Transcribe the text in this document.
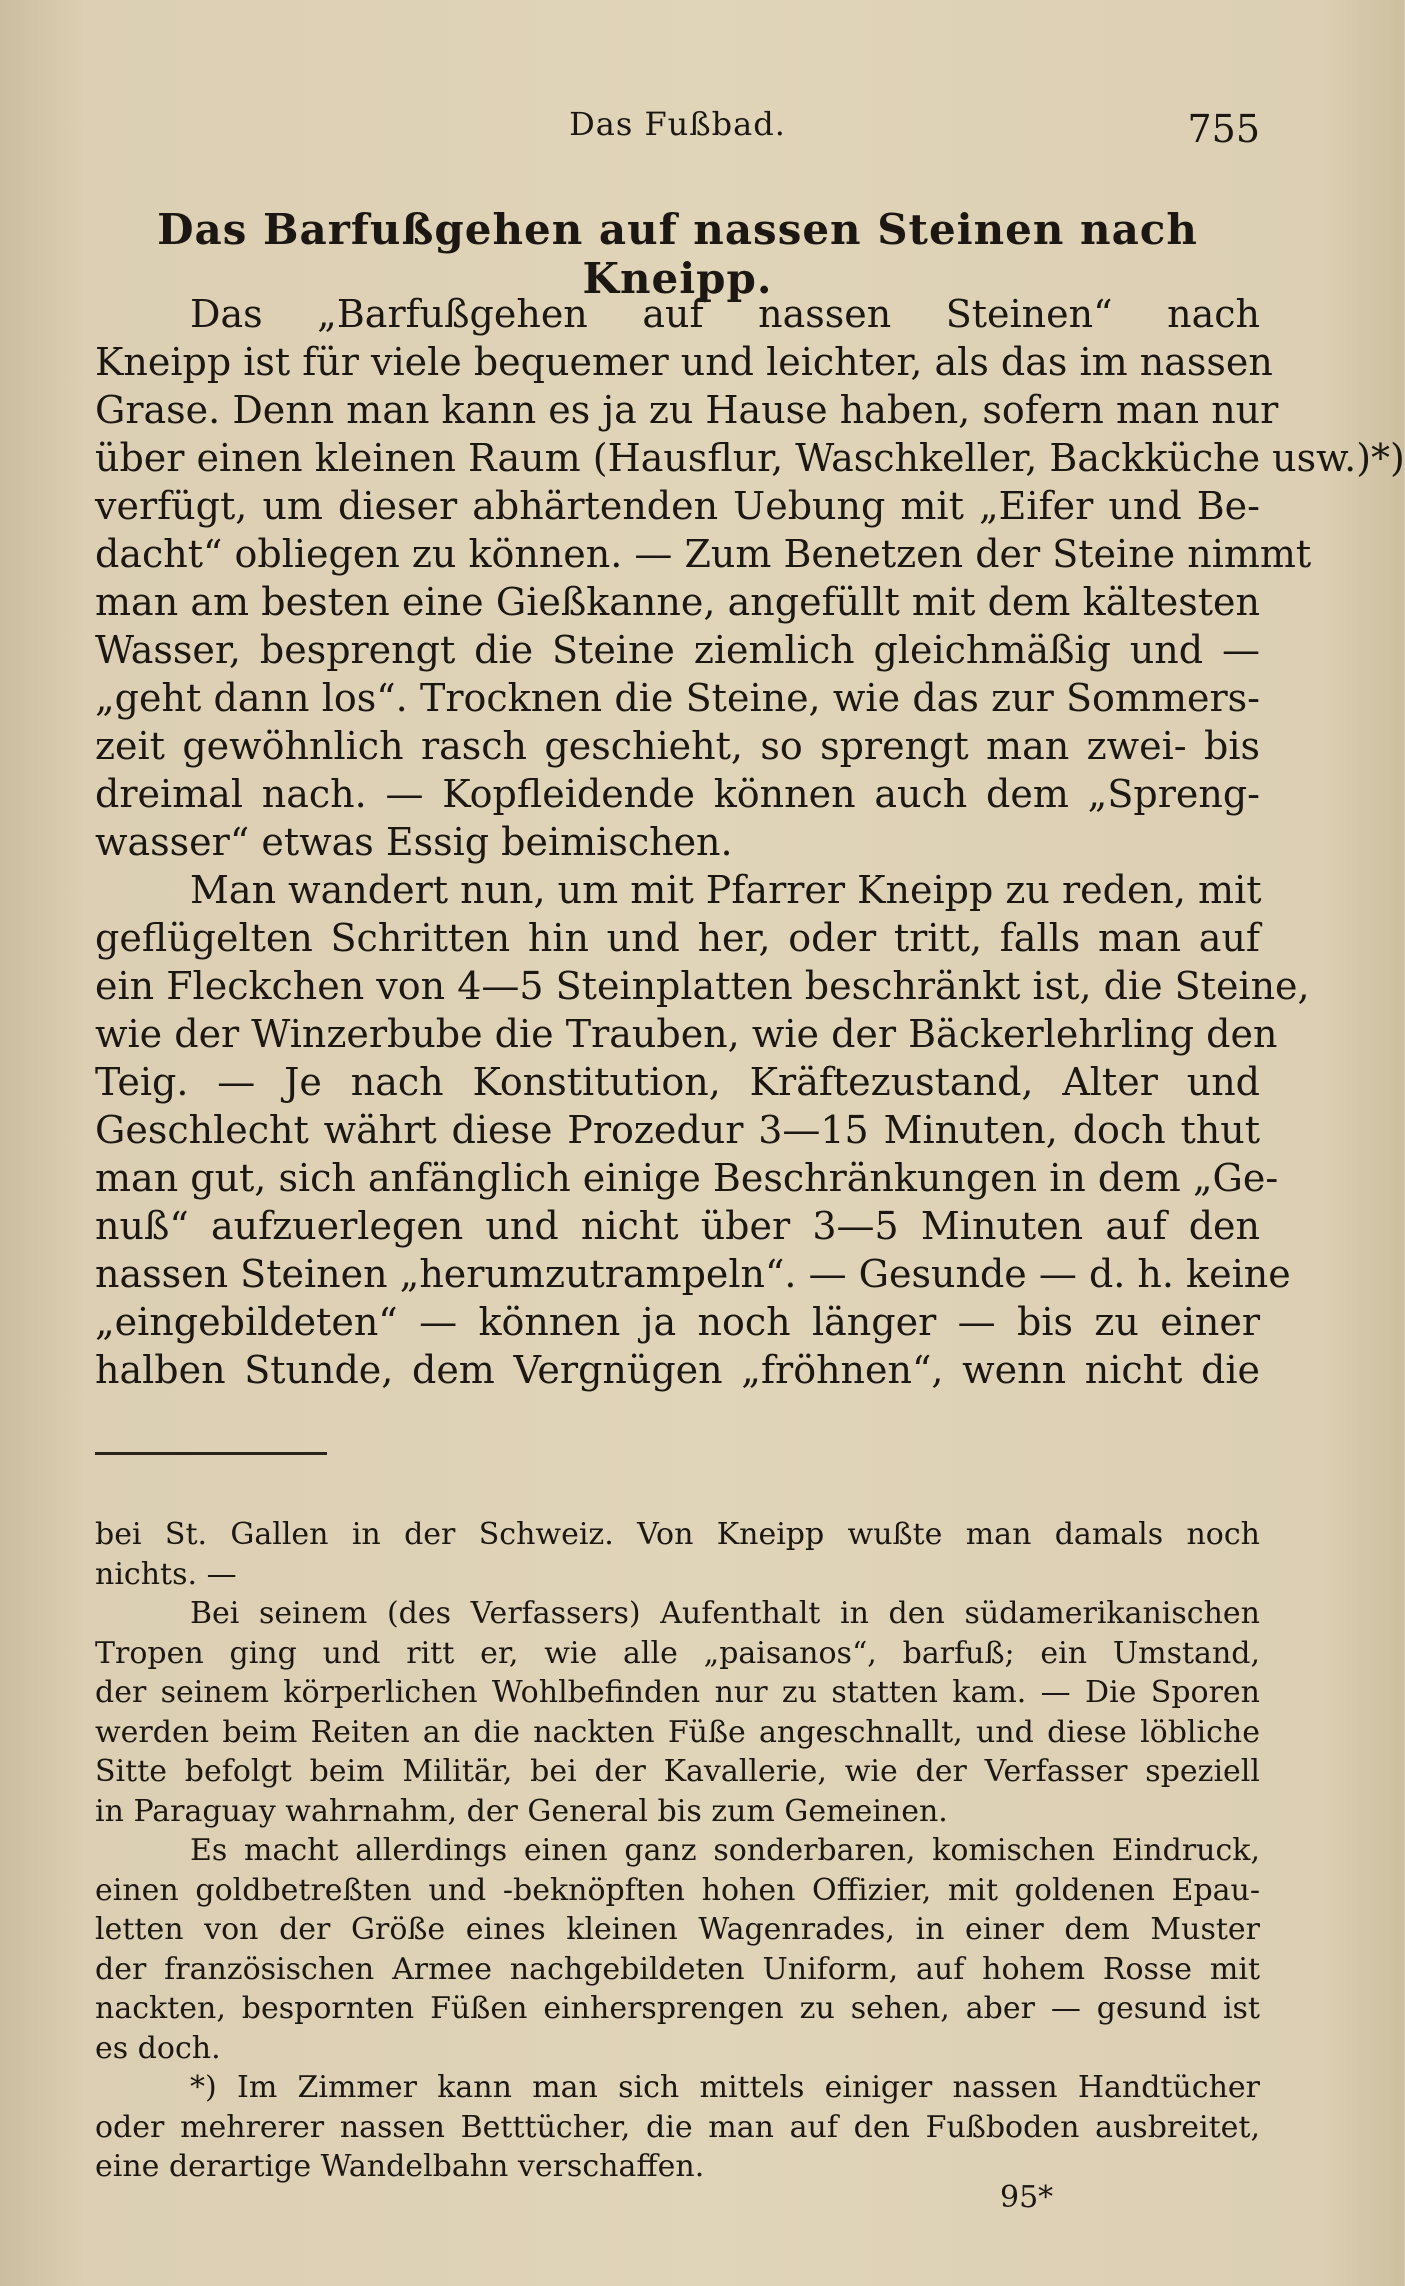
Das Fußbad.	755
Das Barfußgehen auf nassen Steinen nach Kneipp.
Das „Barfußgehen auf nassen Steinen“ nach
Kneipp ist für viele bequemer und leichter, als das im nassen
Grase. Denn man kann es ja zu Hause haben, sofern man nur
über einen kleinen Raum (Hausflur, Waschkeller, Backküche usw.)*)
verfügt, um dieser abhärtenden Uebung mit „Eifer und Be-
dacht“ obliegen zu können. — Zum Benetzen der Steine nimmt
man am besten eine Gießkanne, angefüllt mit dem kältesten
Wasser, besprengt die Steine ziemlich gleichmäßig und —
„geht dann los“. Trocknen die Steine, wie das zur Sommers-
zeit gewöhnlich rasch geschieht, so sprengt man zwei- bis
dreimal nach. — Kopfleidende können auch dem „Spreng-
wasser“ etwas Essig beimischen.
Man wandert nun, um mit Pfarrer Kneipp zu reden, mit
geflügelten Schritten hin und her, oder tritt, falls man auf
ein Fleckchen von 4—5 Steinplatten beschränkt ist, die Steine,
wie der Winzerbube die Trauben, wie der Bäckerlehrling den
Teig. — Je nach Konstitution, Kräftezustand, Alter und
Geschlecht währt diese Prozedur 3—15 Minuten, doch thut
man gut, sich anfänglich einige Beschränkungen in dem „Ge-
nuß“ aufzuerlegen und nicht über 3—5 Minuten auf den
nassen Steinen „herumzutrampeln“. — Gesunde — d. h. keine
„eingebildeten“ — können ja noch länger — bis zu einer
halben Stunde, dem Vergnügen „fröhnen“, wenn nicht die
bei St. Gallen in der Schweiz. Von Kneipp wußte man damals noch
nichts. —
Bei seinem (des Verfassers) Aufenthalt in den südamerikanischen
Tropen ging und ritt er, wie alle „paisanos“, barfuß; ein Umstand,
der seinem körperlichen Wohlbefinden nur zu statten kam. — Die Sporen
werden beim Reiten an die nackten Füße angeschnallt, und diese löbliche
Sitte befolgt beim Militär, bei der Kavallerie, wie der Verfasser speziell
in Paraguay wahrnahm, der General bis zum Gemeinen.
Es macht allerdings einen ganz sonderbaren, komischen Eindruck,
einen goldbetreßten und -beknöpften hohen Offizier, mit goldenen Epau-
letten von der Größe eines kleinen Wagenrades, in einer dem Muster
der französischen Armee nachgebildeten Uniform, auf hohem Rosse mit
nackten, bespornten Füßen einhersprengen zu sehen, aber — gesund ist
es doch.
*) Im Zimmer kann man sich mittels einiger nassen Handtücher
oder mehrerer nassen Betttücher, die man auf den Fußboden ausbreitet,
eine derartige Wandelbahn verschaffen.
95*
